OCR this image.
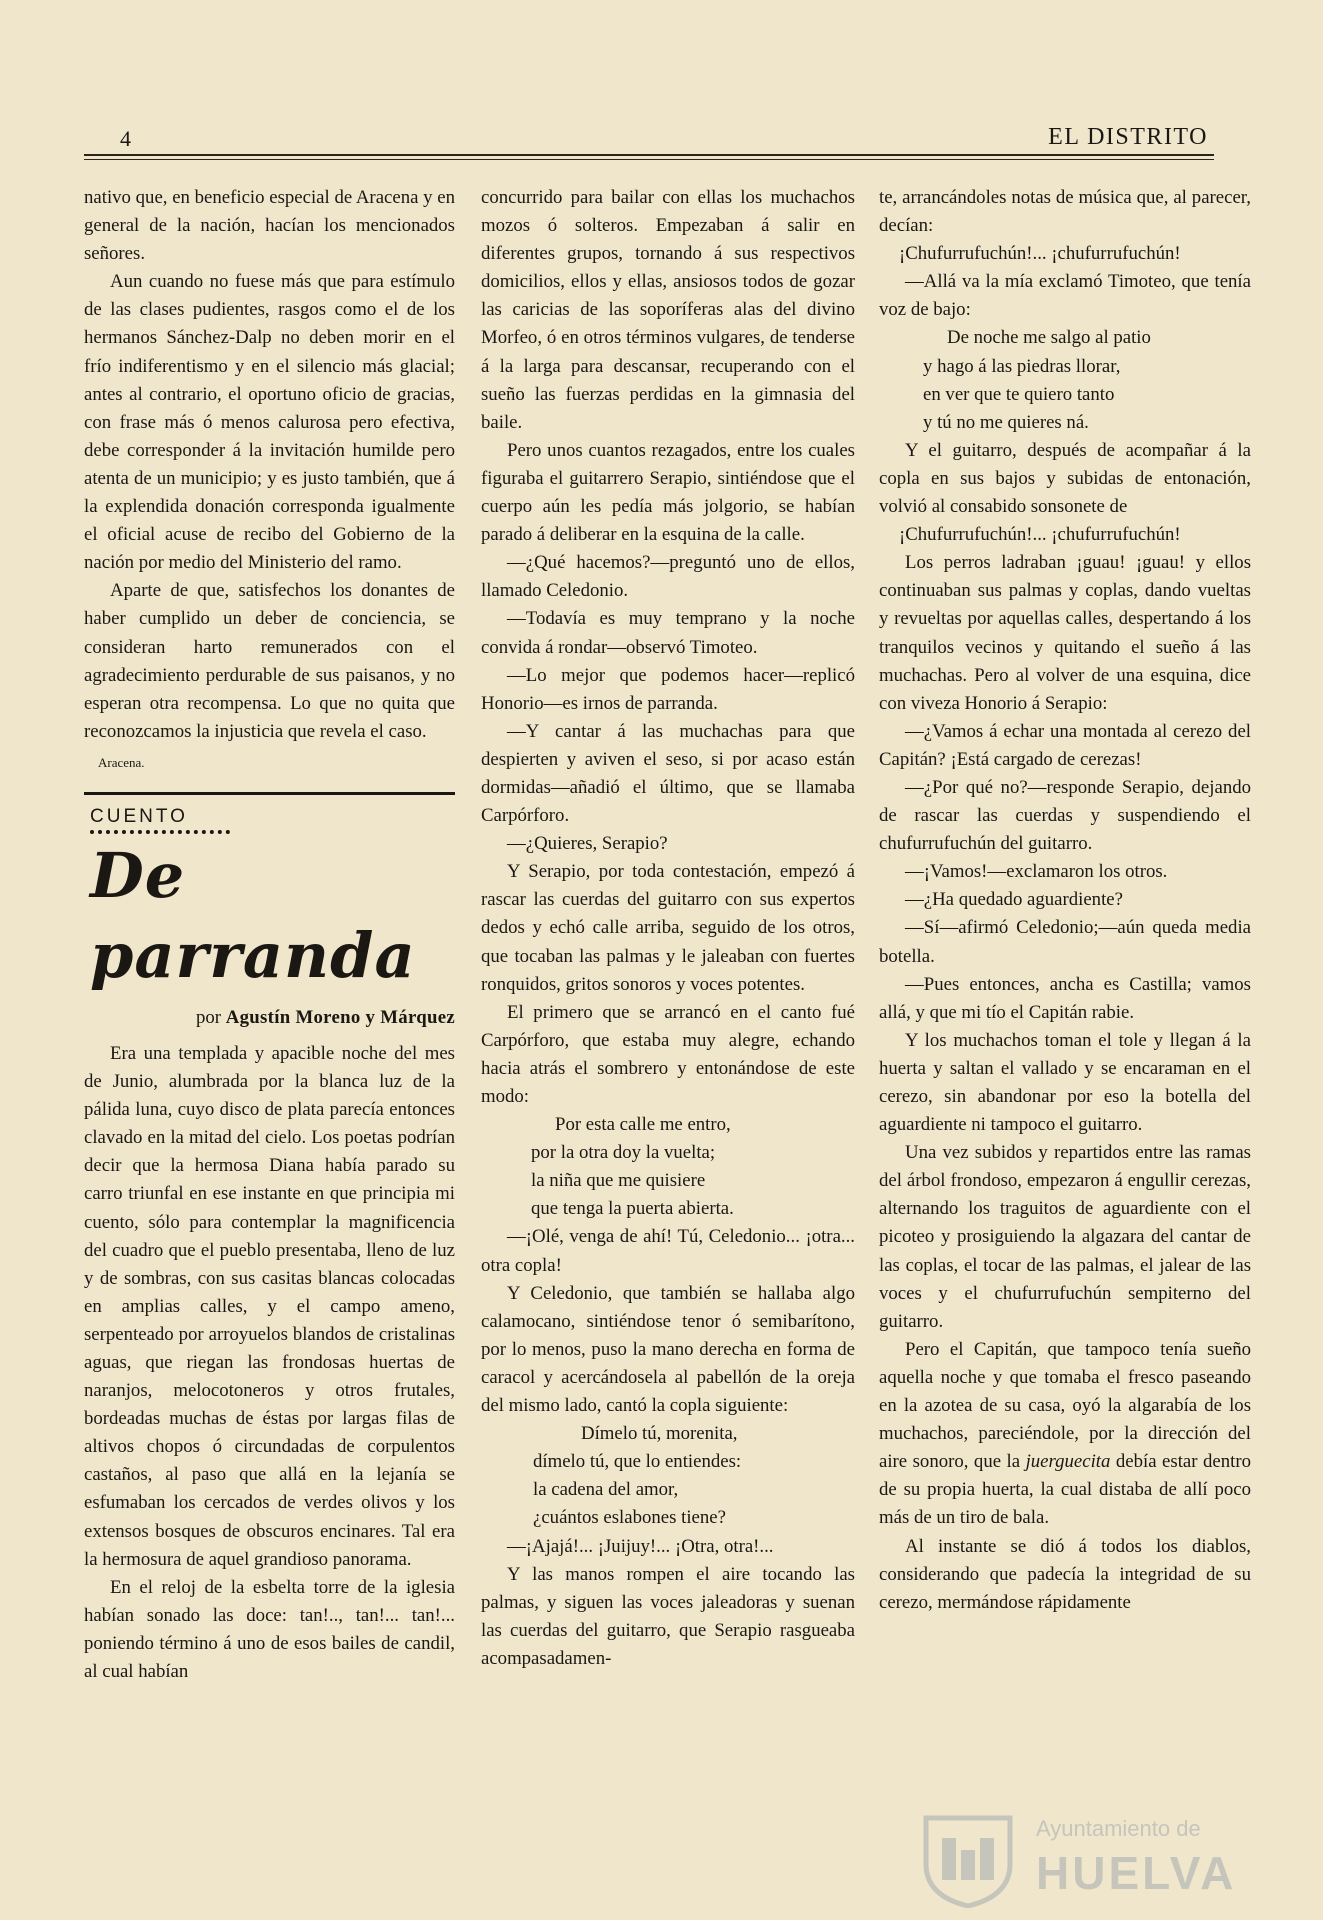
4	EL DISTRITO

nativo que, en beneficio especial de Aracena y en general de la nación, hacían los mencionados señores.

Aun cuando no fuese más que para estímulo de las clases pudientes, rasgos como el de los hermanos Sánchez-Dalp no deben morir en el frío indiferentismo y en el silencio más glacial; antes al contrario, el oportuno oficio de gracias, con frase más ó menos calurosa pero efectiva, debe corresponder á la invitación humilde pero atenta de un municipio; y es justo también, que á la explendida donación corresponda igualmente el oficial acuse de recibo del Gobierno de la nación por medio del Ministerio del ramo.

Aparte de que, satisfechos los donantes de haber cumplido un deber de conciencia, se consideran harto remunerados con el agradecimiento perdurable de sus paisanos, y no esperan otra recompensa. Lo que no quita que reconozcamos la injusticia que revela el caso.

Aracena.
CUENTO
De parranda
por Agustín Moreno y Márquez

Era una templada y apacible noche del mes de Junio, alumbrada por la blanca luz de la pálida luna, cuyo disco de plata parecía entonces clavado en la mitad del cielo. Los poetas podrían decir que la hermosa Diana había parado su carro triunfal en ese instante en que principia mi cuento, sólo para contemplar la magnificencia del cuadro que el pueblo presentaba, lleno de luz y de sombras, con sus casitas blancas colocadas en amplias calles, y el campo ameno, serpenteado por arroyuelos blandos de cristalinas aguas, que riegan las frondosas huertas de naranjos, melocotoneros y otros frutales, bordeadas muchas de éstas por largas filas de altivos chopos ó circundadas de corpulentos castaños, al paso que allá en la lejanía se esfumaban los cercados de verdes olivos y los extensos bosques de obscuros encinares. Tal era la hermosura de aquel grandioso panorama.

En el reloj de la esbelta torre de la iglesia habían sonado las doce: tan!.., tan!... tan!... poniendo término á uno de esos bailes de candil, al cual habían

concurrido para bailar con ellas los muchachos mozos ó solteros. Empezaban á salir en diferentes grupos, tornando á sus respectivos domicilios, ellos y ellas, ansiosos todos de gozar las caricias de las soporíferas alas del divino Morfeo, ó en otros términos vulgares, de tenderse á la larga para descansar, recuperando con el sueño las fuerzas perdidas en la gimnasia del baile.

Pero unos cuantos rezagados, entre los cuales figuraba el guitarrero Serapio, sintiéndose que el cuerpo aún les pedía más jolgorio, se habían parado á deliberar en la esquina de la calle.

—¿Qué hacemos?—preguntó uno de ellos, llamado Celedonio.

—Todavía es muy temprano y la noche convida á rondar—observó Timoteo.

—Lo mejor que podemos hacer—replicó Honorio—es irnos de parranda.

—Y cantar á las muchachas para que despierten y aviven el seso, si por acaso están dormidas—añadió el último, que se llamaba Carpórforo.

—¿Quieres, Serapio?

Y Serapio, por toda contestación, empezó á rascar las cuerdas del guitarro con sus expertos dedos y echó calle arriba, seguido de los otros, que tocaban las palmas y le jaleaban con fuertes ronquidos, gritos sonoros y voces potentes.

El primero que se arrancó en el canto fué Carpórforo, que estaba muy alegre, echando hacia atrás el sombrero y entonándose de este modo:

Por esta calle me entro,
por la otra doy la vuelta;
la niña que me quisiere
que tenga la puerta abierta.

—¡Olé, venga de ahí! Tú, Celedonio... ¡otra... otra copla!

Y Celedonio, que también se hallaba algo calamocano, sintiéndose tenor ó semibarítono, por lo menos, puso la mano derecha en forma de caracol y acercándosela al pabellón de la oreja del mismo lado, cantó la copla siguiente:

Dímelo tú, morenita,
dímelo tú, que lo entiendes:
la cadena del amor,
¿cuántos eslabones tiene?

—¡Ajajá!... ¡Juijuy!... ¡Otra, otra!...

Y las manos rompen el aire tocando las palmas, y siguen las voces jaleadoras y suenan las cuerdas del guitarro, que Serapio rasgueaba acompasadamen-

te, arrancándoles notas de música que, al parecer, decían:

¡Chufurrufuchún!... ¡chufurrufuchún!

—Allá va la mía exclamó Timoteo, que tenía voz de bajo:

De noche me salgo al patio
y hago á las piedras llorar,
en ver que te quiero tanto
y tú no me quieres ná.

Y el guitarro, después de acompañar á la copla en sus bajos y subidas de entonación, volvió al consabido sonsonete de

¡Chufurrufuchún!... ¡chufurrufuchún!

Los perros ladraban ¡guau! ¡guau! y ellos continuaban sus palmas y coplas, dando vueltas y revueltas por aquellas calles, despertando á los tranquilos vecinos y quitando el sueño á las muchachas. Pero al volver de una esquina, dice con viveza Honorio á Serapio:

—¿Vamos á echar una montada al cerezo del Capitán? ¡Está cargado de cerezas!

—¿Por qué no?—responde Serapio, dejando de rascar las cuerdas y suspendiendo el chufurrufuchún del guitarro.

—¡Vamos!—exclamaron los otros.

—¿Ha quedado aguardiente?

—Sí—afirmó Celedonio;—aún queda media botella.

—Pues entonces, ancha es Castilla; vamos allá, y que mi tío el Capitán rabie.

Y los muchachos toman el tole y llegan á la huerta y saltan el vallado y se encaraman en el cerezo, sin abandonar por eso la botella del aguardiente ni tampoco el guitarro.

Una vez subidos y repartidos entre las ramas del árbol frondoso, empezaron á engullir cerezas, alternando los traguitos de aguardiente con el picoteo y prosiguiendo la algazara del cantar de las coplas, el tocar de las palmas, el jalear de las voces y el chufurrufuchún sempiterno del guitarro.

Pero el Capitán, que tampoco tenía sueño aquella noche y que tomaba el fresco paseando en la azotea de su casa, oyó la algarabía de los muchachos, pareciéndole, por la dirección del aire sonoro, que la juerguecita debía estar dentro de su propia huerta, la cual distaba de allí poco más de un tiro de bala.

Al instante se dió á todos los diablos, considerando que padecía la integridad de su cerezo, mermándose rápidamente

Ayuntamiento de
HUELVA
